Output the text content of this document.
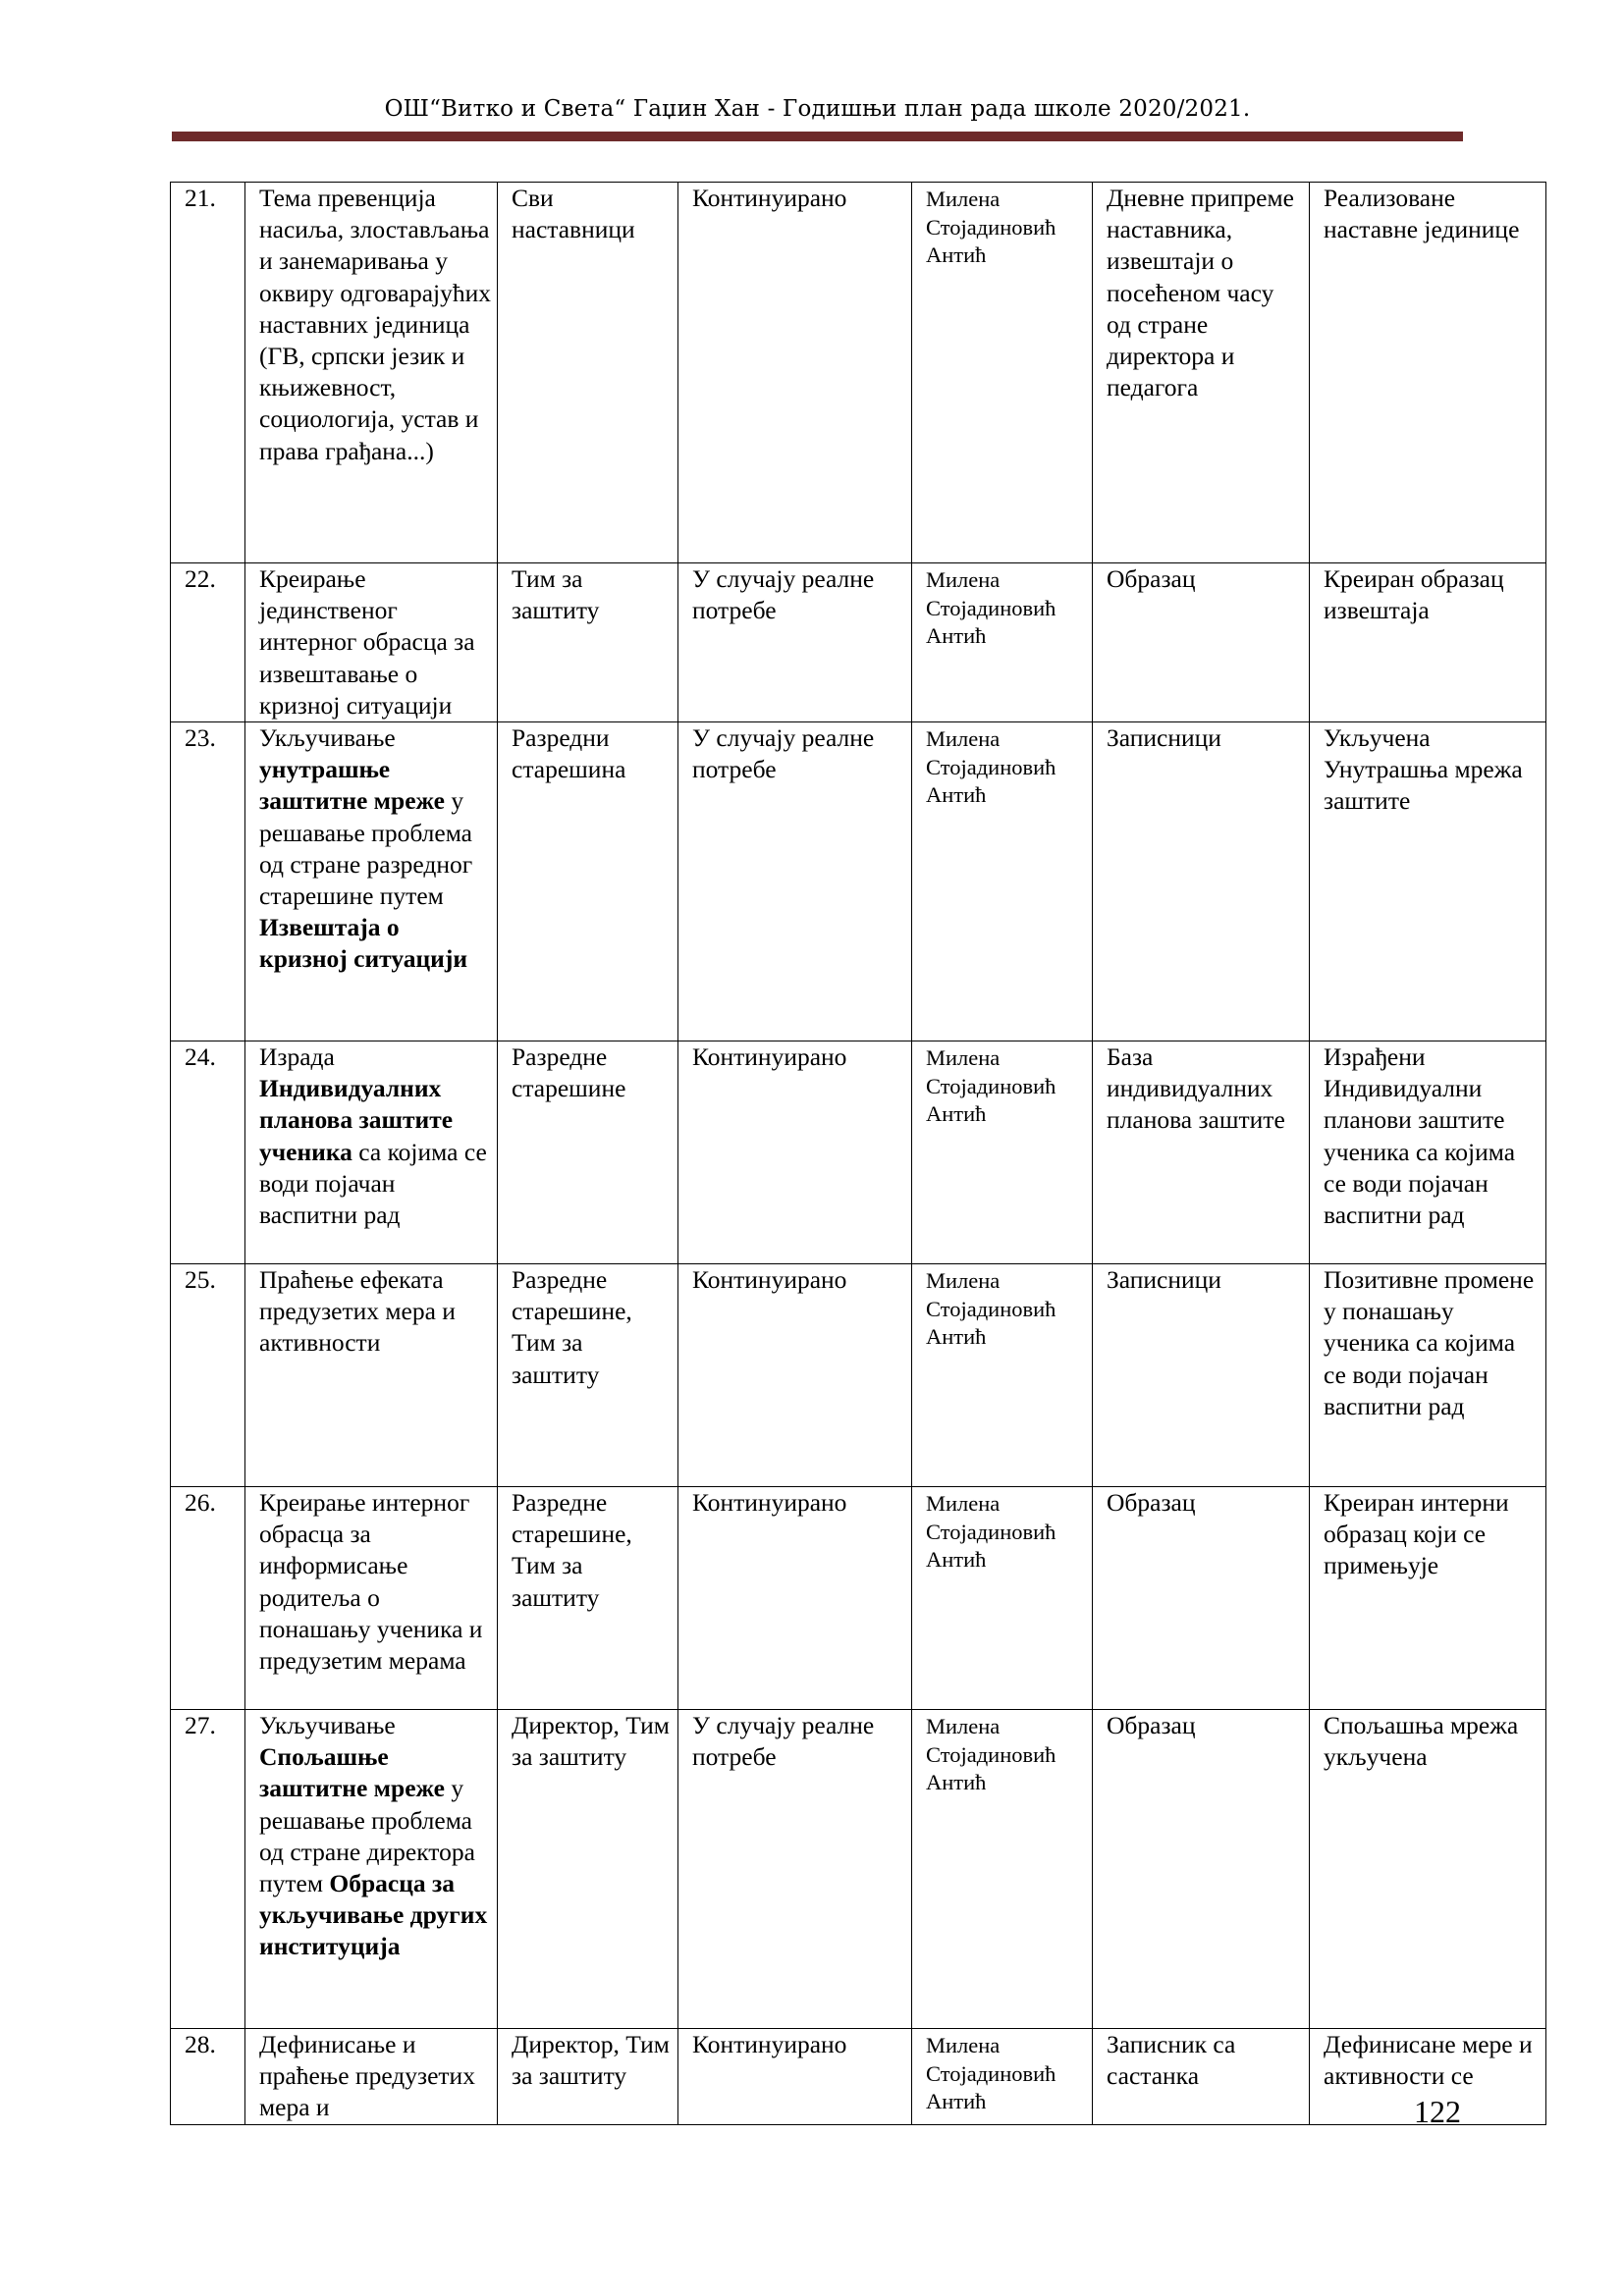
ОШ“Витко и Света“ Гаџин Хан - Годишњи план рада школе 2020/2021.
21.	Тема превенција насиља, злостављања и занемаривања у оквиру одговарајућих наставних јединица (ГВ, српски језик и књижевност, социологија, устав и права грађана...)	Сви наставници	Континуирано	Милена Стојадиновић Антић	Дневне припреме наставника, извештаји о посећеном часу од стране директора и педагога	Реализоване наставне јединице
22.	Креирање јединственог интерног обрасца за извештавање о кризној ситуацији	Тим за заштиту	У случају реалне потребе	Милена Стојадиновић Антић	Образац	Креиран образац извештаја
23.	Укључивање унутрашње заштитне мреже у решавање проблема од стране разредног старешине путем Извештаја о кризној ситуацији	Разредни старешина	У случају реалне потребе	Милена Стојадиновић Антић	Записници	Укључена Унутрашња мрежа заштите
24.	Израда Индивидуалних планова заштите ученика са којима се води појачан васпитни рад	Разредне старешине	Континуирано	Милена Стојадиновић Антић	База индивидуалних планова заштите	Израђени Индивидуални планови заштите ученика са којима се води појачан васпитни рад
25.	Праћење ефеката предузетих мера и активности	Разредне старешине, Тим за заштиту	Континуирано	Милена Стојадиновић Антић	Записници	Позитивне промене у понашању ученика са којима се води појачан васпитни рад
26.	Креирање интерног обрасца за информисање родитеља о понашању ученика и предузетим мерама	Разредне старешине, Тим за заштиту	Континуирано	Милена Стојадиновић Антић	Образац	Креиран интерни образац који се примењује
27.	Укључивање Спољашње заштитне мреже у решавање проблема од стране директора путем Обрасца за укључивање других институција	Директор, Тим за заштиту	У случају реалне потребе	Милена Стојадиновић Антић	Образац	Спољашња мрежа укључена
28.	Дефинисање и праћење предузетих мера и	Директор, Тим за заштиту	Континуирано	Милена Стојадиновић Антић	Записник са састанка	Дефинисане мере и активности се
122
